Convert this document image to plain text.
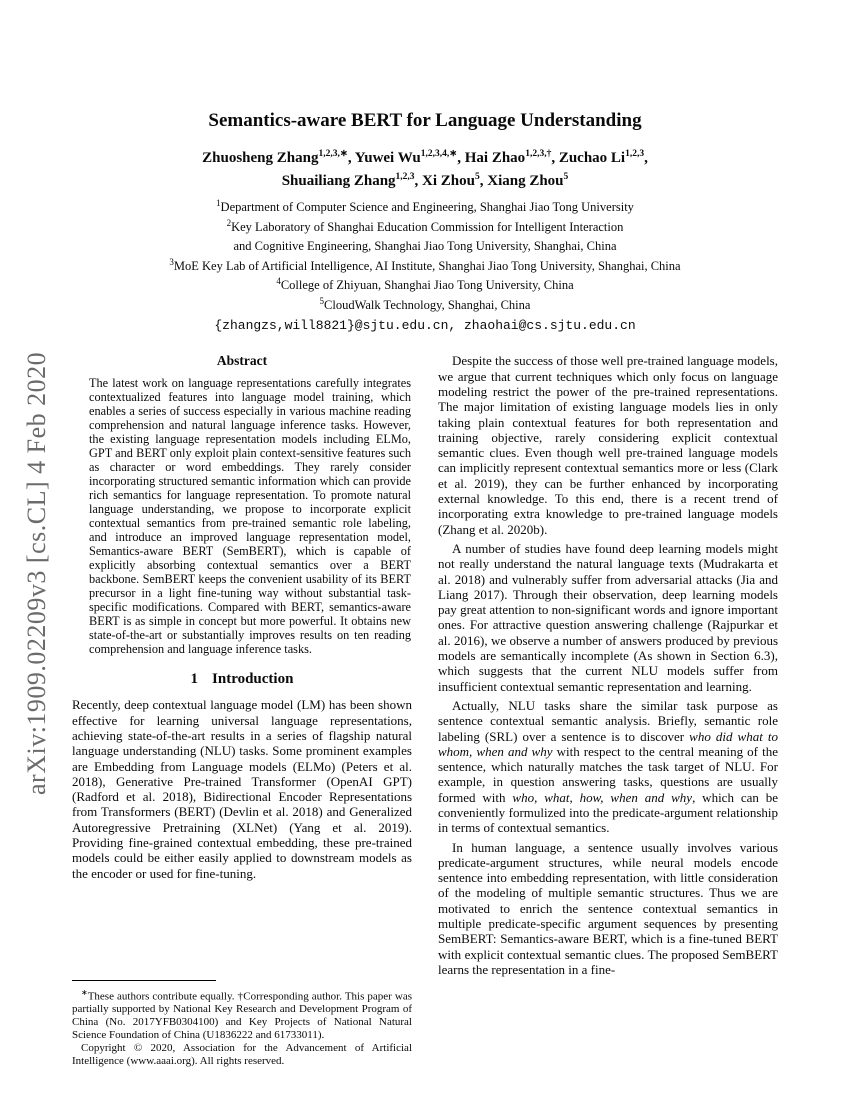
arXiv:1909.02209v3 [cs.CL] 4 Feb 2020
Semantics-aware BERT for Language Understanding
Zhuosheng Zhang$^{1,2,3,∗}$, Yuwei $Wu^{1,2,3,4,∗}$, Hai Zhao$^{1,2,3,\dagger}$, Zuchao Li$^{1,2,3}$,
Shuailiang Zhang$^{1,2,3}$, Xi Zhou$^5$, Xiang Zhou$^5$
$^1$Department of Computer Science and Engineering, Shanghai Jiao Tong University
$^2$Key Laboratory of Shanghai Education Commission for Intelligent Interaction
and Cognitive Engineering, Shanghai Jiao Tong University, Shanghai, China
$^3$MoE Key Lab of Artificial Intelligence, AI Institute, Shanghai Jiao Tong University, Shanghai, China
$^4$College of Zhiyuan, Shanghai Jiao Tong University, China
$^5$CloudWalk Technology, Shanghai, China
{zhangzs,will8821}@sjtu.edu.cn, zhaohai@cs.sjtu.edu.cn
Abstract

The latest work on language representations carefully integrates contextualized features into language model training, which enables a series of success especially in various machine reading comprehension and natural language inference tasks. However, the existing language representation models including ELMo, GPT and BERT only exploit plain context-sensitive features such as character or word embeddings. They rarely consider incorporating structured semantic information which can provide rich semantics for language representation. To promote natural language understanding, we propose to incorporate explicit contextual semantics from pre-trained semantic role labeling, and introduce an improved language representation model, Semantics-aware BERT (SemBERT), which is capable of explicitly absorbing contextual semantics over a BERT backbone. SemBERT keeps the convenient usability of its BERT precursor in a light fine-tuning way without substantial task-specific modifications. Compared with BERT, semantics-aware BERT is as simple in concept but more powerful. It obtains new state-of-the-art or substantially improves results on ten reading comprehension and language inference tasks.

1 Introduction

Recently, deep contextual language model (LM) has been shown effective for learning universal language representations, achieving state-of-the-art results in a series of flagship natural language understanding (NLU) tasks. Some prominent examples are Embedding from Language models (ELMo) (Peters et al. 2018), Generative Pre-trained Transformer (OpenAI GPT) (Radford et al. 2018), Bidirectional Encoder Representations from Transformers (BERT) (Devlin et al. 2018) and Generalized Autoregressive Pretraining (XLNet) (Yang et al. 2019). Providing fine-grained contextual embedding, these pre-trained models could be either easily applied to downstream models as the encoder or used for fine-tuning.

∗These authors contribute equally. †Corresponding author. This paper was partially supported by National Key Research and Development Program of China (No. 2017YFB0304100) and Key Projects of National Natural Science Foundation of China (U1836222 and 61733011).

Copyright © 2020, Association for the Advancement of Artificial Intelligence (www.aaai.org). All rights reserved.

Despite the success of those well pre-trained language models, we argue that current techniques which only focus on language modeling restrict the power of the pre-trained representations. The major limitation of existing language models lies in only taking plain contextual features for both representation and training objective, rarely considering explicit contextual semantic clues. Even though well pre-trained language models can implicitly represent contextual semantics more or less (Clark et al. 2019), they can be further enhanced by incorporating external knowledge. To this end, there is a recent trend of incorporating extra knowledge to pre-trained language models (Zhang et al. 2020b).

A number of studies have found deep learning models might not really understand the natural language texts (Mudrakarta et al. 2018) and vulnerably suffer from adversarial attacks (Jia and Liang 2017). Through their observation, deep learning models pay great attention to non-significant words and ignore important ones. For attractive question answering challenge (Rajpurkar et al. 2016), we observe a number of answers produced by previous models are semantically incomplete (As shown in Section 6.3), which suggests that the current NLU models suffer from insufficient contextual semantic representation and learning.

Actually, NLU tasks share the similar task purpose as sentence contextual semantic analysis. Briefly, semantic role labeling (SRL) over a sentence is to discover who did what to whom, when and why with respect to the central meaning of the sentence, which naturally matches the task target of NLU. For example, in question answering tasks, questions are usually formed with who, what, how, when and why, which can be conveniently formulized into the predicate-argument relationship in terms of contextual semantics.

In human language, a sentence usually involves various predicate-argument structures, while neural models encode sentence into embedding representation, with little consideration of the modeling of multiple semantic structures. Thus we are motivated to enrich the sentence contextual semantics in multiple predicate-specific argument sequences by presenting SemBERT: Semantics-aware BERT, which is a fine-tuned BERT with explicit contextual semantic clues. The proposed SemBERT learns the representation in a fine-
